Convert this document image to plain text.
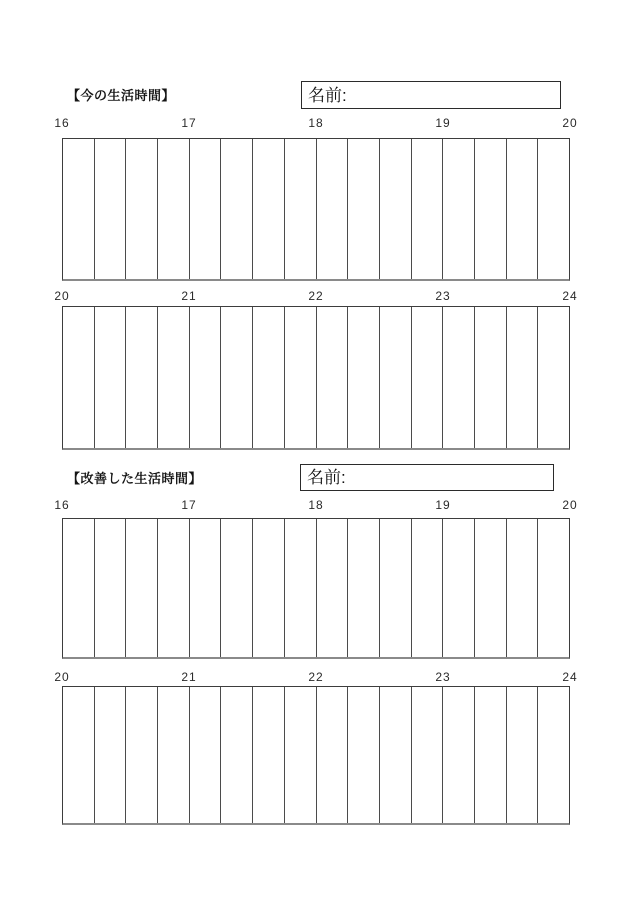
【今の生活時間】	名前:
16	17	18	19	20
20	21	22	23	24
【改善した生活時間】	名前:
16	17	18	19	20
20	21	22	23	24
